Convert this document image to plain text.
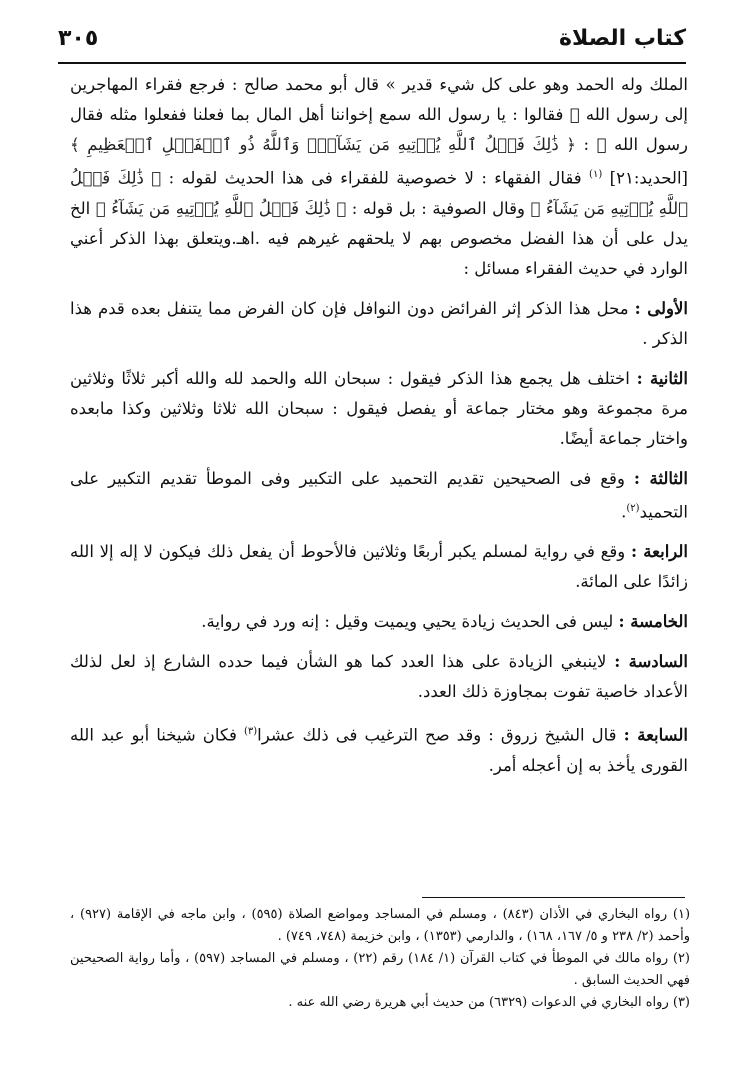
كتاب الصلاة
٣٠٥

الملك وله الحمد وهو على كل شيء قدير » قال أبو محمد صالح : فرجع فقراء المهاجرين إلى رسول الله ﷺ فقالوا : يا رسول الله سمع إخواننا أهل المال بما فعلنا ففعلوا مثله فقال رسول الله ﷺ : ﴿ ذَٰلِكَ فَضۡلُ ٱللَّهِ يُؤۡتِيهِ مَن يَشَآءُۚ وَٱللَّهُ ذُو ٱلۡفَضۡلِ ٱلۡعَظِيمِ ﴾ [الحديد:٢١] $^{(١)}$ فقال الفقهاء : لا خصوصية للفقراء فى هذا الحديث لقوله : ﴿ ذَٰلِكَ فَضۡلُ ٱللَّهِ يُؤۡتِيهِ مَن يَشَآءُ ﴾ وقال الصوفية : بل قوله : ﴿ ذَٰلِكَ فَضۡلُ ٱللَّهِ يُؤۡتِيهِ مَن يَشَآءُ ﴾ الخ يدل على أن هذا الفضل مخصوص بهم لا يلحقهم غيرهم فيه .اهـ.ويتعلق بهذا الذكر أعني الوارد في حديث الفقراء مسائل :

الأولى : محل هذا الذكر إثر الفرائض دون النوافل فإن كان الفرض مما يتنفل بعده قدم هذا الذكر .

الثانية : اختلف هل يجمع هذا الذكر فيقول : سبحان الله والحمد لله والله أكبر ثلاثًا وثلاثين مرة مجموعة وهو مختار جماعة أو يفصل فيقول : سبحان الله ثلاثا وثلاثين وكذا مابعده واختار جماعة أيضًا.

الثالثة : وقع فى الصحيحين تقديم التحميد على التكبير وفى الموطأ تقديم التكبير على التحميد$^{(٢)}$.

الرابعة : وقع في رواية لمسلم يكبر أربعًا وثلاثين فالأحوط أن يفعل ذلك فيكون لا إله إلا الله زائدًا على المائة.

الخامسة : ليس فى الحديث زيادة يحيي ويميت وقيل : إنه ورد في رواية.

السادسة : لاينبغي الزيادة على هذا العدد كما هو الشأن فيما حدده الشارع إذ لعل لذلك الأعداد خاصية تفوت بمجاوزة ذلك العدد.

السابعة : قال الشيخ زروق : وقد صح الترغيب فى ذلك عشرا$^{(٣)}$ فكان شيخنا أبو عبد الله القورى يأخذ به إن أعجله أمر.

(١) رواه البخاري في الأذان (٨٤٣) ، ومسلم في المساجد ومواضع الصلاة (٥٩٥) ، وابن ماجه في الإقامة (٩٢٧) ، وأحمد (٢/ ٢٣٨ و ٥/ ١٦٧، ١٦٨) ، والدارمي (١٣٥٣) ، وابن خزيمة (٧٤٨، ٧٤٩) .

(٢) رواه مالك في الموطأ في كتاب القرآن (١/ ١٨٤) رقم (٢٢) ، ومسلم في المساجد (٥٩٧) ، وأما رواية الصحيحين فهي الحديث السابق .

(٣) رواه البخاري في الدعوات (٦٣٢٩) من حديث أبي هريرة رضي الله عنه .
